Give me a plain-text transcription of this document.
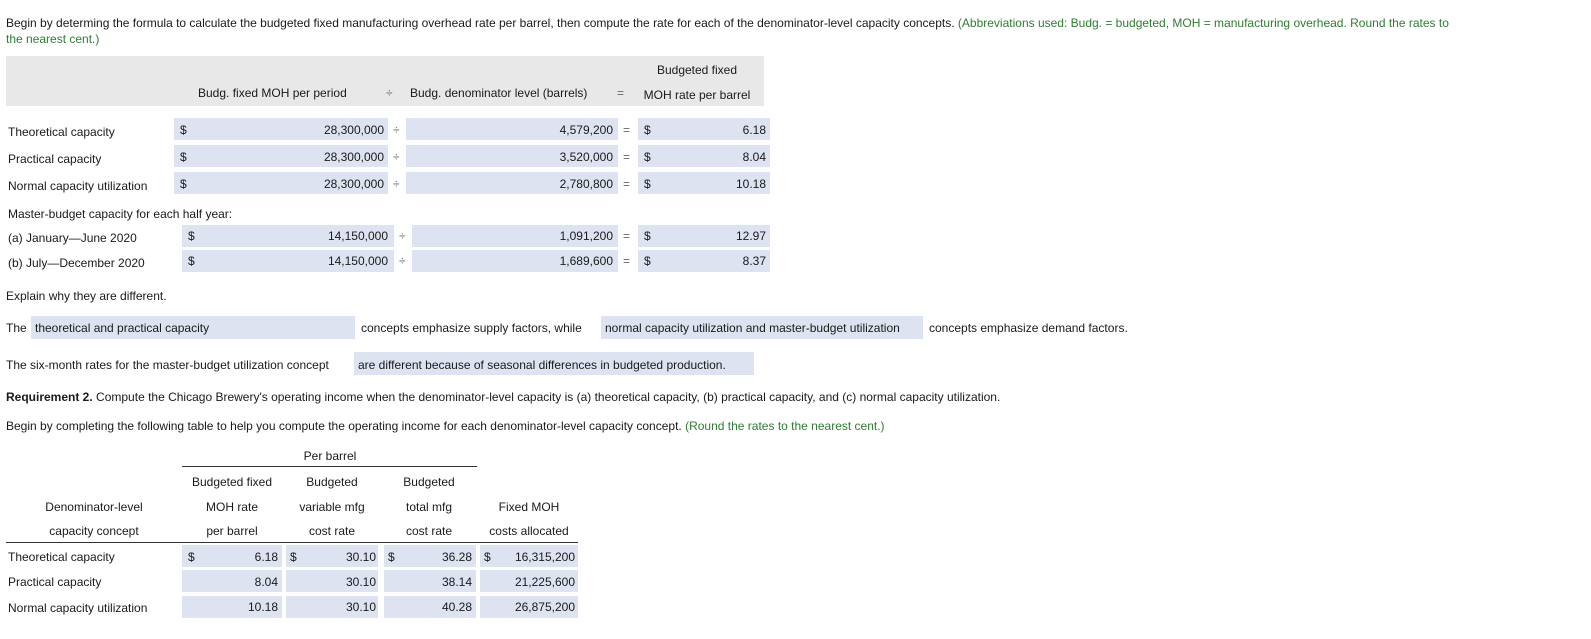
Begin by determing the formula to calculate the budgeted fixed manufacturing overhead rate per barrel, then compute the rate for each of the denominator-level capacity concepts. (Abbreviations used: Budg. = budgeted, MOH = manufacturing overhead. Round the rates to
the nearest cent.)
Budg. fixed MOH per period	÷ Budg. denominator level (barrels) =
Budgeted fixed
MOH rate per barrel
Theoretical capacity	$	28,300,000 ÷	4,579,200 = $	6.18
Practical capacity	$	28,300,000 ÷	3,520,000 = $	8.04
Normal capacity utilization	$	28,300,000 ÷	2,780,800 = $	10.18
Master-budget capacity for each half year:
(a) January—June 2020	$	14,150,000 ÷	1,091,200 = $	12.97
(b) July—December 2020	$	14,150,000 ÷	1,689,600 = $	8.37
Explain why they are different.
The theoretical and practical capacity	concepts emphasize supply factors, while normal capacity utilization and master-budget utilization concepts emphasize demand factors.
The six-month rates for the master-budget utilization concept are different because of seasonal differences in budgeted production.
Requirement 2. Compute the Chicago Brewery's operating income when the denominator-level capacity is (a) theoretical capacity, (b) practical capacity, and (c) normal capacity utilization.
Begin by completing the following table to help you compute the operating income for each denominator-level capacity concept. (Round the rates to the nearest cent.)
Per barrel
Denominator-level
capacity concept
Budgeted fixed
MOH rate
per barrel
Budgeted
variable mfg
cost rate
Budgeted
total mfg
cost rate
Fixed MOH
costs allocated
Theoretical capacity	$	6.18 $	30.10 $	36.28 $	16,315,200
Practical capacity	8.04	30.10	38.14	21,225,600
Normal capacity utilization	10.18	30.10	40.28	26,875,200
